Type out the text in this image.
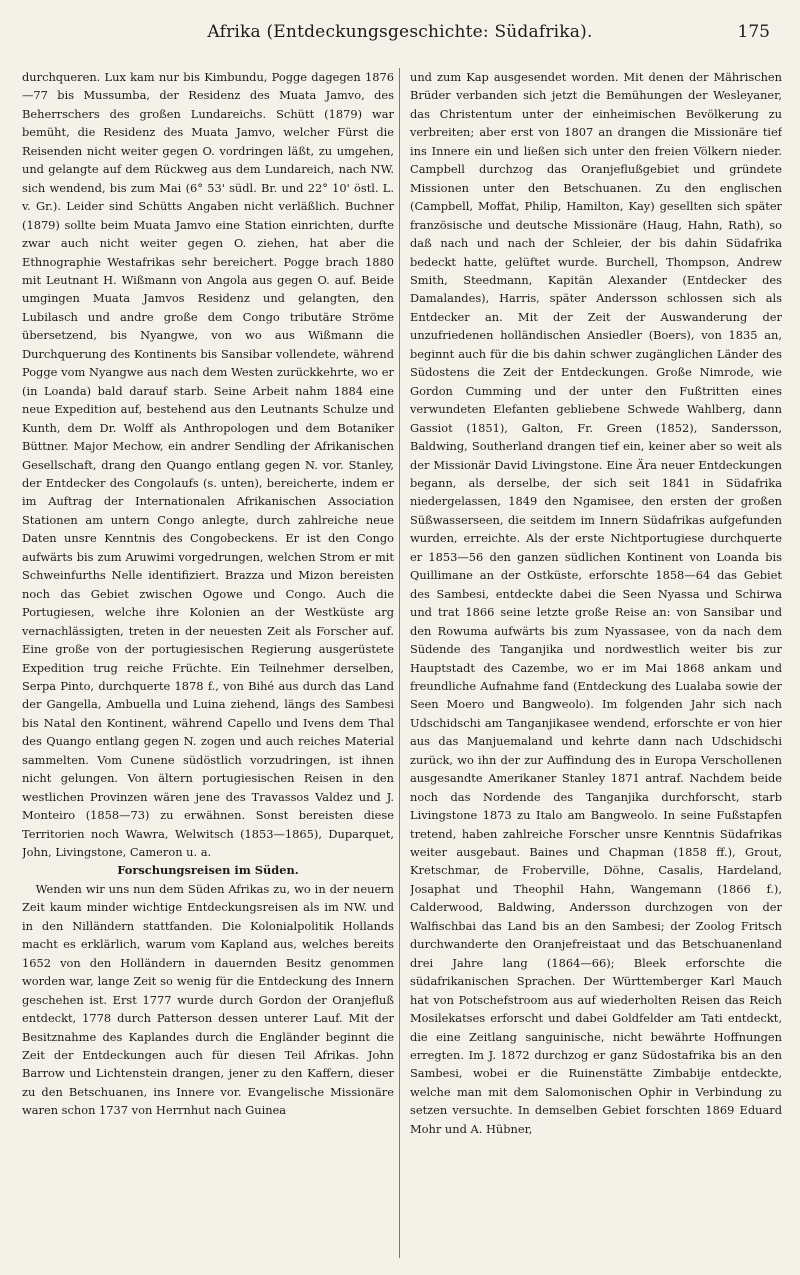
Afrika (Entdeckungsgeschichte: Südafrika).	175

durchqueren. Lux kam nur bis Kimbundu, Pogge dagegen 1876—77 bis Mussumba, der Residenz des Muata Jamvo, des Beherrschers des großen Lundareichs. Schütt (1879) war bemüht, die Residenz des Muata Jamvo, welcher Fürst die Reisenden nicht weiter gegen O. vordringen läßt, zu umgehen, und gelangte auf dem Rückweg aus dem Lundareich, nach NW. sich wendend, bis zum Mai (6° 53' südl. Br. und 22° 10' östl. L. v. Gr.). Leider sind Schütts Angaben nicht verläßlich. Buchner (1879) sollte beim Muata Jamvo eine Station einrichten, durfte zwar auch nicht weiter gegen O. ziehen, hat aber die Ethnographie Westafrikas sehr bereichert. Pogge brach 1880 mit Leutnant H. Wißmann von Angola aus gegen O. auf. Beide umgingen Muata Jamvos Residenz und gelangten, den Lubilasch und andre große dem Congo tributäre Ströme übersetzend, bis Nyangwe, von wo aus Wißmann die Durchquerung des Kontinents bis Sansibar vollendete, während Pogge vom Nyangwe aus nach dem Westen zurückkehrte, wo er (in Loanda) bald darauf starb. Seine Arbeit nahm 1884 eine neue Expedition auf, bestehend aus den Leutnants Schulze und Kunth, dem Dr. Wolff als Anthropologen und dem Botaniker Büttner. Major Mechow, ein andrer Sendling der Afrikanischen Gesellschaft, drang den Quango entlang gegen N. vor. Stanley, der Entdecker des Congolaufs (s. unten), bereicherte, indem er im Auftrag der Internationalen Afrikanischen Association Stationen am untern Congo anlegte, durch zahlreiche neue Daten unsre Kenntnis des Congobeckens. Er ist den Congo aufwärts bis zum Aruwimi vorgedrungen, welchen Strom er mit Schweinfurths Nelle identifiziert. Brazza und Mizon bereisten noch das Gebiet zwischen Ogowe und Congo. Auch die Portugiesen, welche ihre Kolonien an der Westküste arg vernachlässigten, treten in der neuesten Zeit als Forscher auf. Eine große von der portugiesischen Regierung ausgerüstete Expedition trug reiche Früchte. Ein Teilnehmer derselben, Serpa Pinto, durchquerte 1878 f., von Bihé aus durch das Land der Gangella, Ambuella und Luina ziehend, längs des Sambesi bis Natal den Kontinent, während Capello und Ivens dem Thal des Quango entlang gegen N. zogen und auch reiches Material sammelten. Vom Cunene südöstlich vorzudringen, ist ihnen nicht gelungen. Von ältern portugiesischen Reisen in den westlichen Provinzen wären jene des Travassos Valdez und J. Monteiro (1858—73) zu erwähnen. Sonst bereisten diese Territorien noch Wawra, Welwitsch (1853—1865), Duparquet, John, Livingstone, Cameron u. a.

Forschungsreisen im Süden.

Wenden wir uns nun dem Süden Afrikas zu, wo in der neuern Zeit kaum minder wichtige Entdeckungsreisen als im NW. und in den Nilländern stattfanden. Die Kolonialpolitik Hollands macht es erklärlich, warum vom Kapland aus, welches bereits 1652 von den Holländern in dauernden Besitz genommen worden war, lange Zeit so wenig für die Entdeckung des Innern geschehen ist. Erst 1777 wurde durch Gordon der Oranjefluß entdeckt, 1778 durch Patterson dessen unterer Lauf. Mit der Besitznahme des Kaplandes durch die Engländer beginnt die Zeit der Entdeckungen auch für diesen Teil Afrikas. John Barrow und Lichtenstein drangen, jener zu den Kaffern, dieser zu den Betschuanen, ins Innere vor. Evangelische Missionäre waren schon 1737 von Herrnhut nach Guinea

und zum Kap ausgesendet worden. Mit denen der Mährischen Brüder verbanden sich jetzt die Bemühungen der Wesleyaner, das Christentum unter der einheimischen Bevölkerung zu verbreiten; aber erst von 1807 an drangen die Missionäre tief ins Innere ein und ließen sich unter den freien Völkern nieder. Campbell durchzog das Oranjeflußgebiet und gründete Missionen unter den Betschuanen. Zu den englischen (Campbell, Moffat, Philip, Hamilton, Kay) gesellten sich später französische und deutsche Missionäre (Haug, Hahn, Rath), so daß nach und nach der Schleier, der bis dahin Südafrika bedeckt hatte, gelüftet wurde. Burchell, Thompson, Andrew Smith, Steedmann, Kapitän Alexander (Entdecker des Damalandes), Harris, später Andersson schlossen sich als Entdecker an. Mit der Zeit der Auswanderung der unzufriedenen holländischen Ansiedler (Boers), von 1835 an, beginnt auch für die bis dahin schwer zugänglichen Länder des Südostens die Zeit der Entdeckungen. Große Nimrode, wie Gordon Cumming und der unter den Fußtritten eines verwundeten Elefanten gebliebene Schwede Wahlberg, dann Gassiot (1851), Galton, Fr. Green (1852), Sandersson, Baldwing, Southerland drangen tief ein, keiner aber so weit als der Missionär David Livingstone. Eine Ära neuer Entdeckungen begann, als derselbe, der sich seit 1841 in Südafrika niedergelassen, 1849 den Ngamisee, den ersten der großen Süßwasserseen, die seitdem im Innern Südafrikas aufgefunden wurden, erreichte. Als der erste Nichtportugiese durchquerte er 1853—56 den ganzen südlichen Kontinent von Loanda bis Quillimane an der Ostküste, erforschte 1858—64 das Gebiet des Sambesi, entdeckte dabei die Seen Nyassa und Schirwa und trat 1866 seine letzte große Reise an: von Sansibar und den Rowuma aufwärts bis zum Nyassasee, von da nach dem Südende des Tanganjika und nordwestlich weiter bis zur Hauptstadt des Cazembe, wo er im Mai 1868 ankam und freundliche Aufnahme fand (Entdeckung des Lualaba sowie der Seen Moero und Bangweolo). Im folgenden Jahr sich nach Udschidschi am Tanganjikasee wendend, erforschte er von hier aus das Manjuemaland und kehrte dann nach Udschidschi zurück, wo ihn der zur Auffindung des in Europa Verschollenen ausgesandte Amerikaner Stanley 1871 antraf. Nachdem beide noch das Nordende des Tanganjika durchforscht, starb Livingstone 1873 zu Italo am Bangweolo. In seine Fußstapfen tretend, haben zahlreiche Forscher unsre Kenntnis Südafrikas weiter ausgebaut. Baines und Chapman (1858 ff.), Grout, Kretschmar, de Froberville, Döhne, Casalis, Hardeland, Josaphat und Theophil Hahn, Wangemann (1866 f.), Calderwood, Baldwing, Andersson durchzogen von der Walfischbai das Land bis an den Sambesi; der Zoolog Fritsch durchwanderte den Oranjefreistaat und das Betschuanenland drei Jahre lang (1864—66); Bleek erforschte die südafrikanischen Sprachen. Der Württemberger Karl Mauch hat von Potschefstroom aus auf wiederholten Reisen das Reich Mosilekatses erforscht und dabei Goldfelder am Tati entdeckt, die eine Zeitlang sanguinische, nicht bewährte Hoffnungen erregten. Im J. 1872 durchzog er ganz Südostafrika bis an den Sambesi, wobei er die Ruinenstätte Zimbabije entdeckte, welche man mit dem Salomonischen Ophir in Verbindung zu setzen versuchte. In demselben Gebiet forschten 1869 Eduard Mohr und A. Hübner,
